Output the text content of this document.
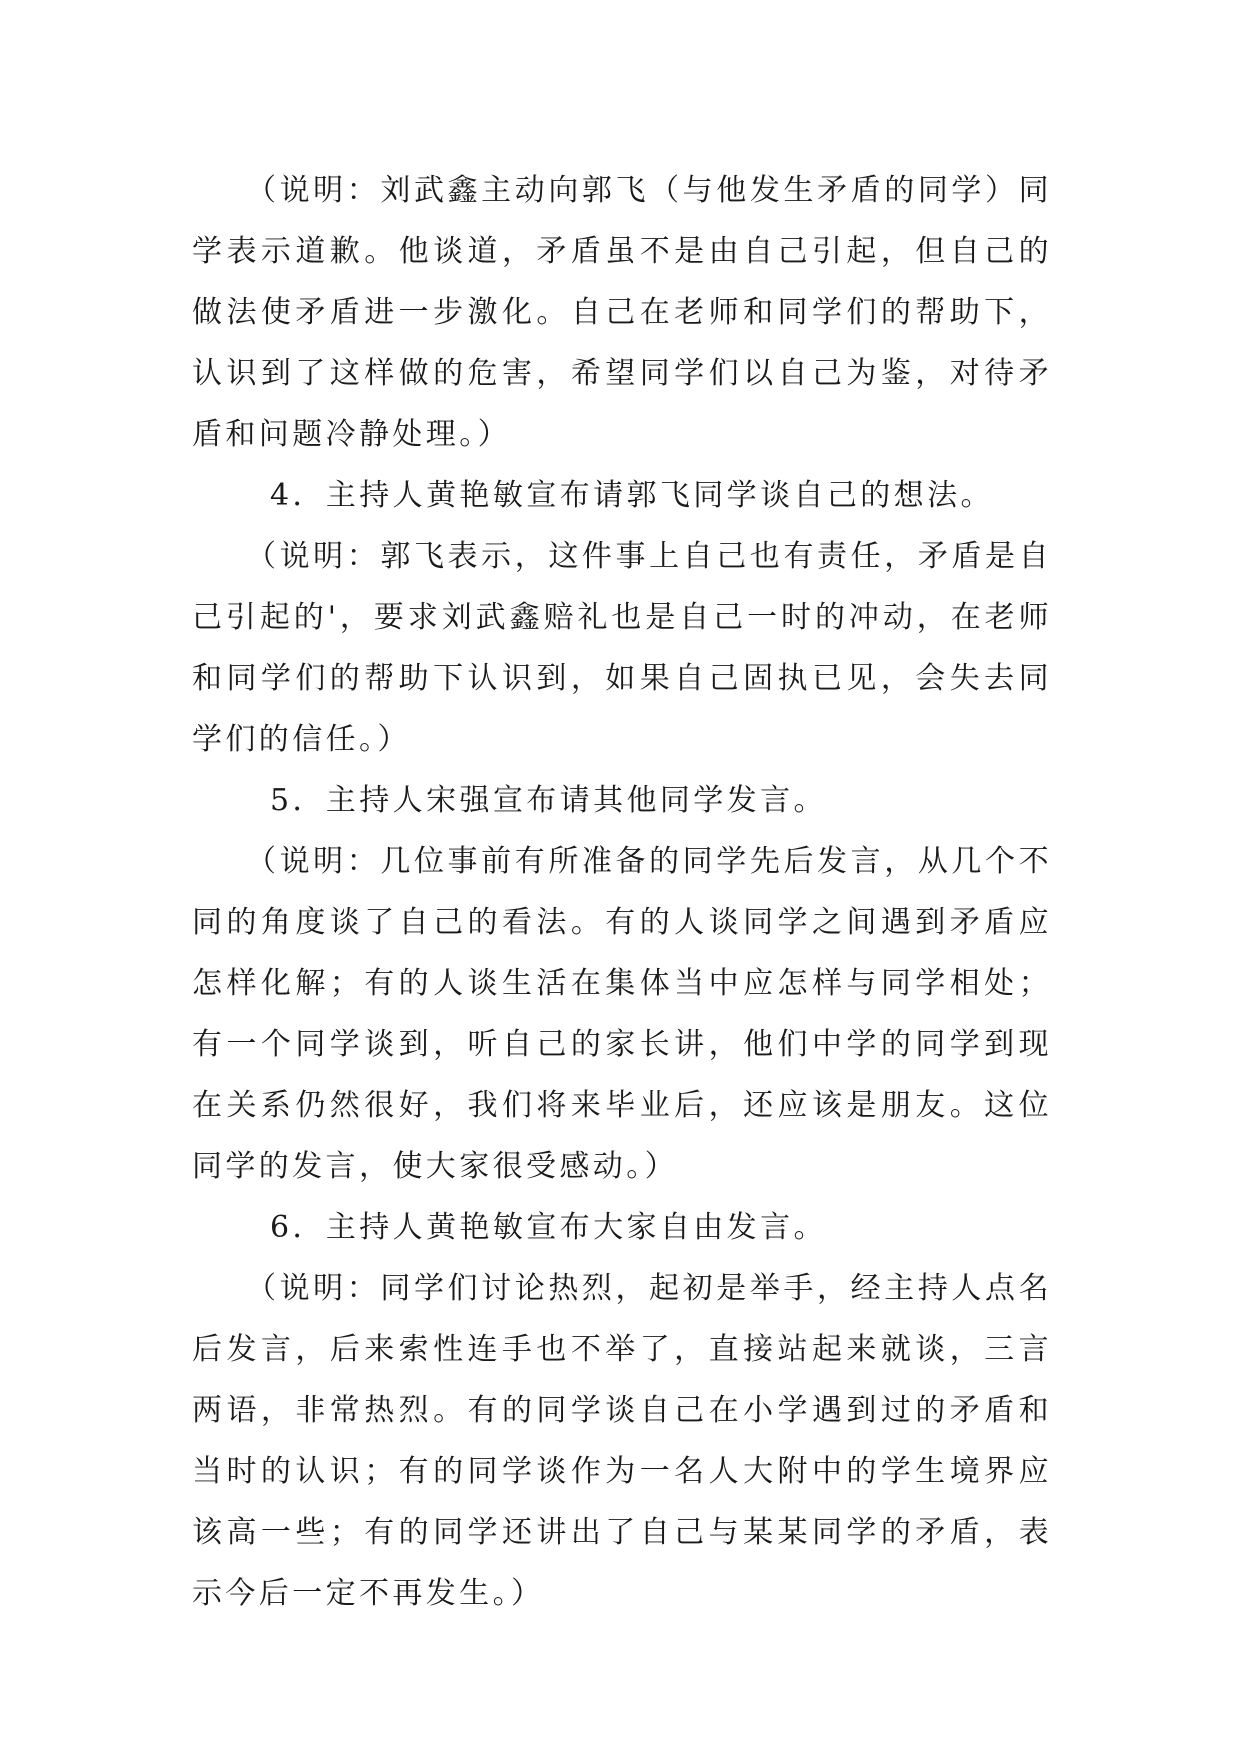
（说明：刘武鑫主动向郭飞（与他发生矛盾的同学）同学表示道歉。他谈道，矛盾虽不是由自己引起，但自己的做法使矛盾进一步激化。自己在老师和同学们的帮助下，认识到了这样做的危害，希望同学们以自己为鉴，对待矛盾和问题冷静处理。）

4．主持人黄艳敏宣布请郭飞同学谈自己的想法。

（说明：郭飞表示，这件事上自己也有责任，矛盾是自己引起的'，要求刘武鑫赔礼也是自己一时的冲动，在老师和同学们的帮助下认识到，如果自己固执已见，会失去同学们的信任。）

5．主持人宋强宣布请其他同学发言。

（说明：几位事前有所准备的同学先后发言，从几个不同的角度谈了自己的看法。有的人谈同学之间遇到矛盾应怎样化解；有的人谈生活在集体当中应怎样与同学相处；有一个同学谈到，听自己的家长讲，他们中学的同学到现在关系仍然很好，我们将来毕业后，还应该是朋友。这位同学的发言，使大家很受感动。）

6．主持人黄艳敏宣布大家自由发言。

（说明：同学们讨论热烈，起初是举手，经主持人点名后发言，后来索性连手也不举了，直接站起来就谈，三言两语，非常热烈。有的同学谈自己在小学遇到过的矛盾和当时的认识；有的同学谈作为一名人大附中的学生境界应该高一些；有的同学还讲出了自己与某某同学的矛盾，表示今后一定不再发生。）
